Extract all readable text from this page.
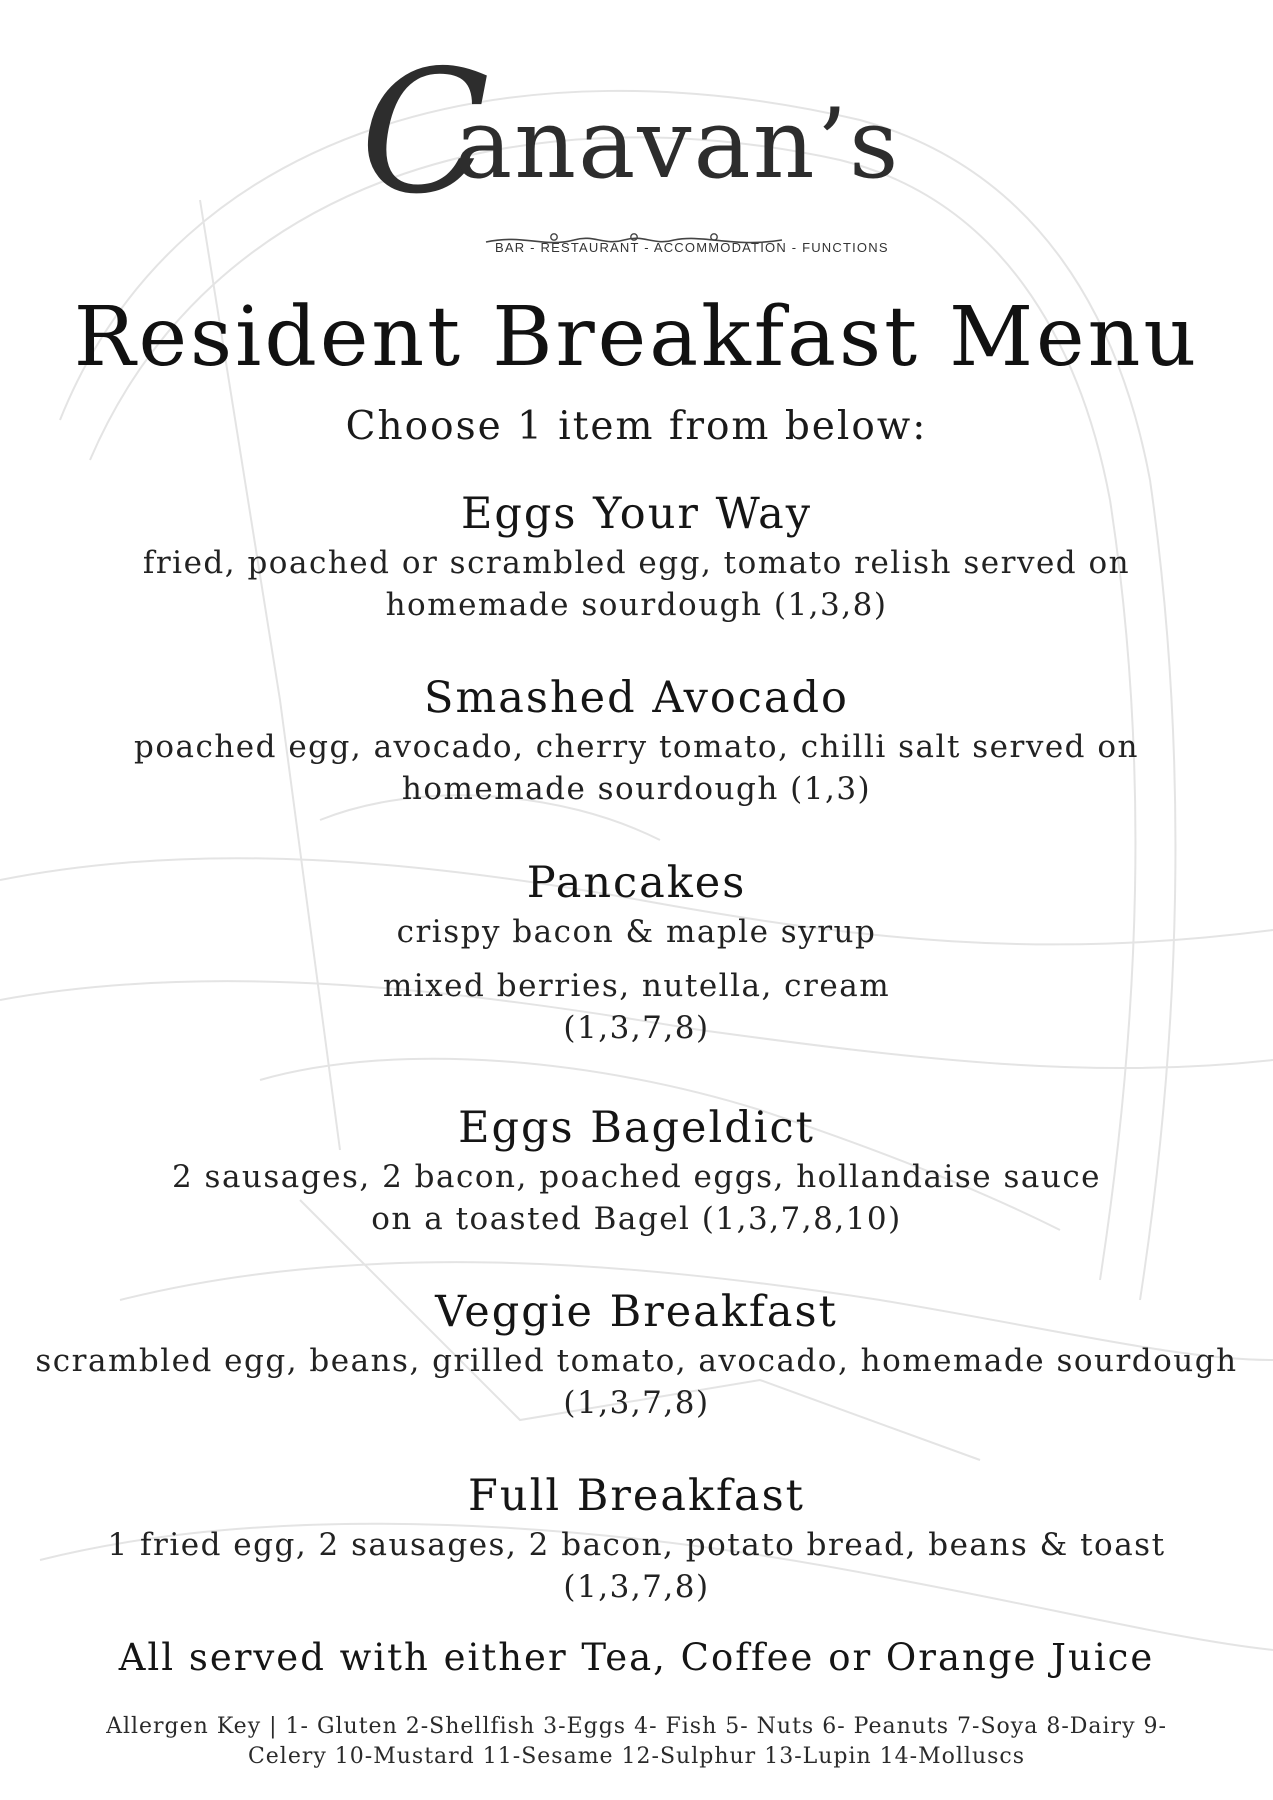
C
anavan’s
BAR - RESTAURANT - ACCOMMODATION - FUNCTIONS
Resident Breakfast Menu
Choose 1 item from below:
Eggs Your Way
fried, poached or scrambled egg, tomato relish served on
homemade sourdough (1,3,8)
Smashed Avocado
poached egg, avocado, cherry tomato, chilli salt served on
homemade sourdough (1,3)
Pancakes
crispy bacon & maple syrup
mixed berries, nutella, cream
(1,3,7,8)
Eggs Bageldict
2 sausages, 2 bacon, poached eggs, hollandaise sauce
on a toasted Bagel (1,3,7,8,10)
Veggie Breakfast
scrambled egg, beans, grilled tomato, avocado, homemade sourdough
(1,3,7,8)
Full Breakfast
1 fried egg, 2 sausages, 2 bacon, potato bread, beans & toast
(1,3,7,8)
All served with either Tea, Coffee or Orange Juice
Allergen Key | 1- Gluten 2-Shellfish 3-Eggs 4- Fish 5- Nuts 6- Peanuts 7-Soya 8-Dairy 9-
Celery 10-Mustard 11-Sesame 12-Sulphur 13-Lupin 14-Molluscs
